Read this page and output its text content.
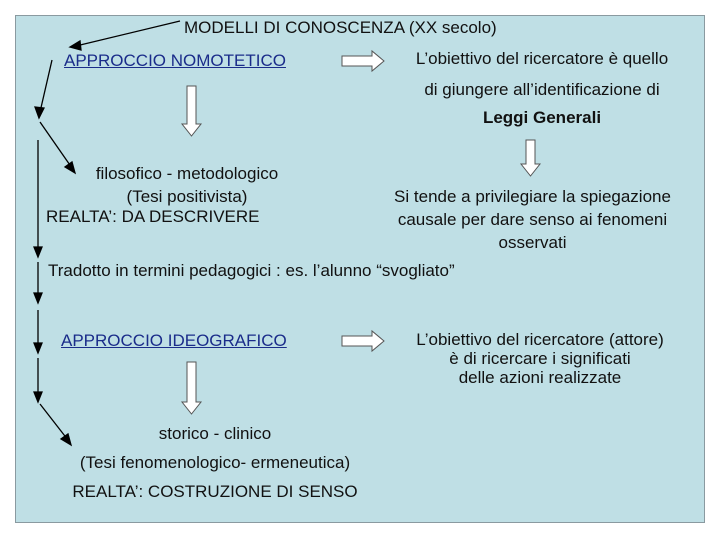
MODELLI DI CONOSCENZA (XX secolo)
APPROCCIO NOMOTETICO	L’obiettivo del ricercatore è quello
di giungere all’identificazione di
Leggi Generali
filosofico - metodologico
(Tesi positivista)
REALTA’: DA DESCRIVERE
Si tende a privilegiare la spiegazione
causale per dare senso ai fenomeni
osservati
Tradotto in termini pedagogici : es. l’alunno “svogliato”
APPROCCIO IDEOGRAFICO	L’obiettivo del ricercatore (attore)
è di ricercare i significati
delle azioni realizzate
storico - clinico
(Tesi fenomenologico- ermeneutica)
REALTA’: COSTRUZIONE DI SENSO
